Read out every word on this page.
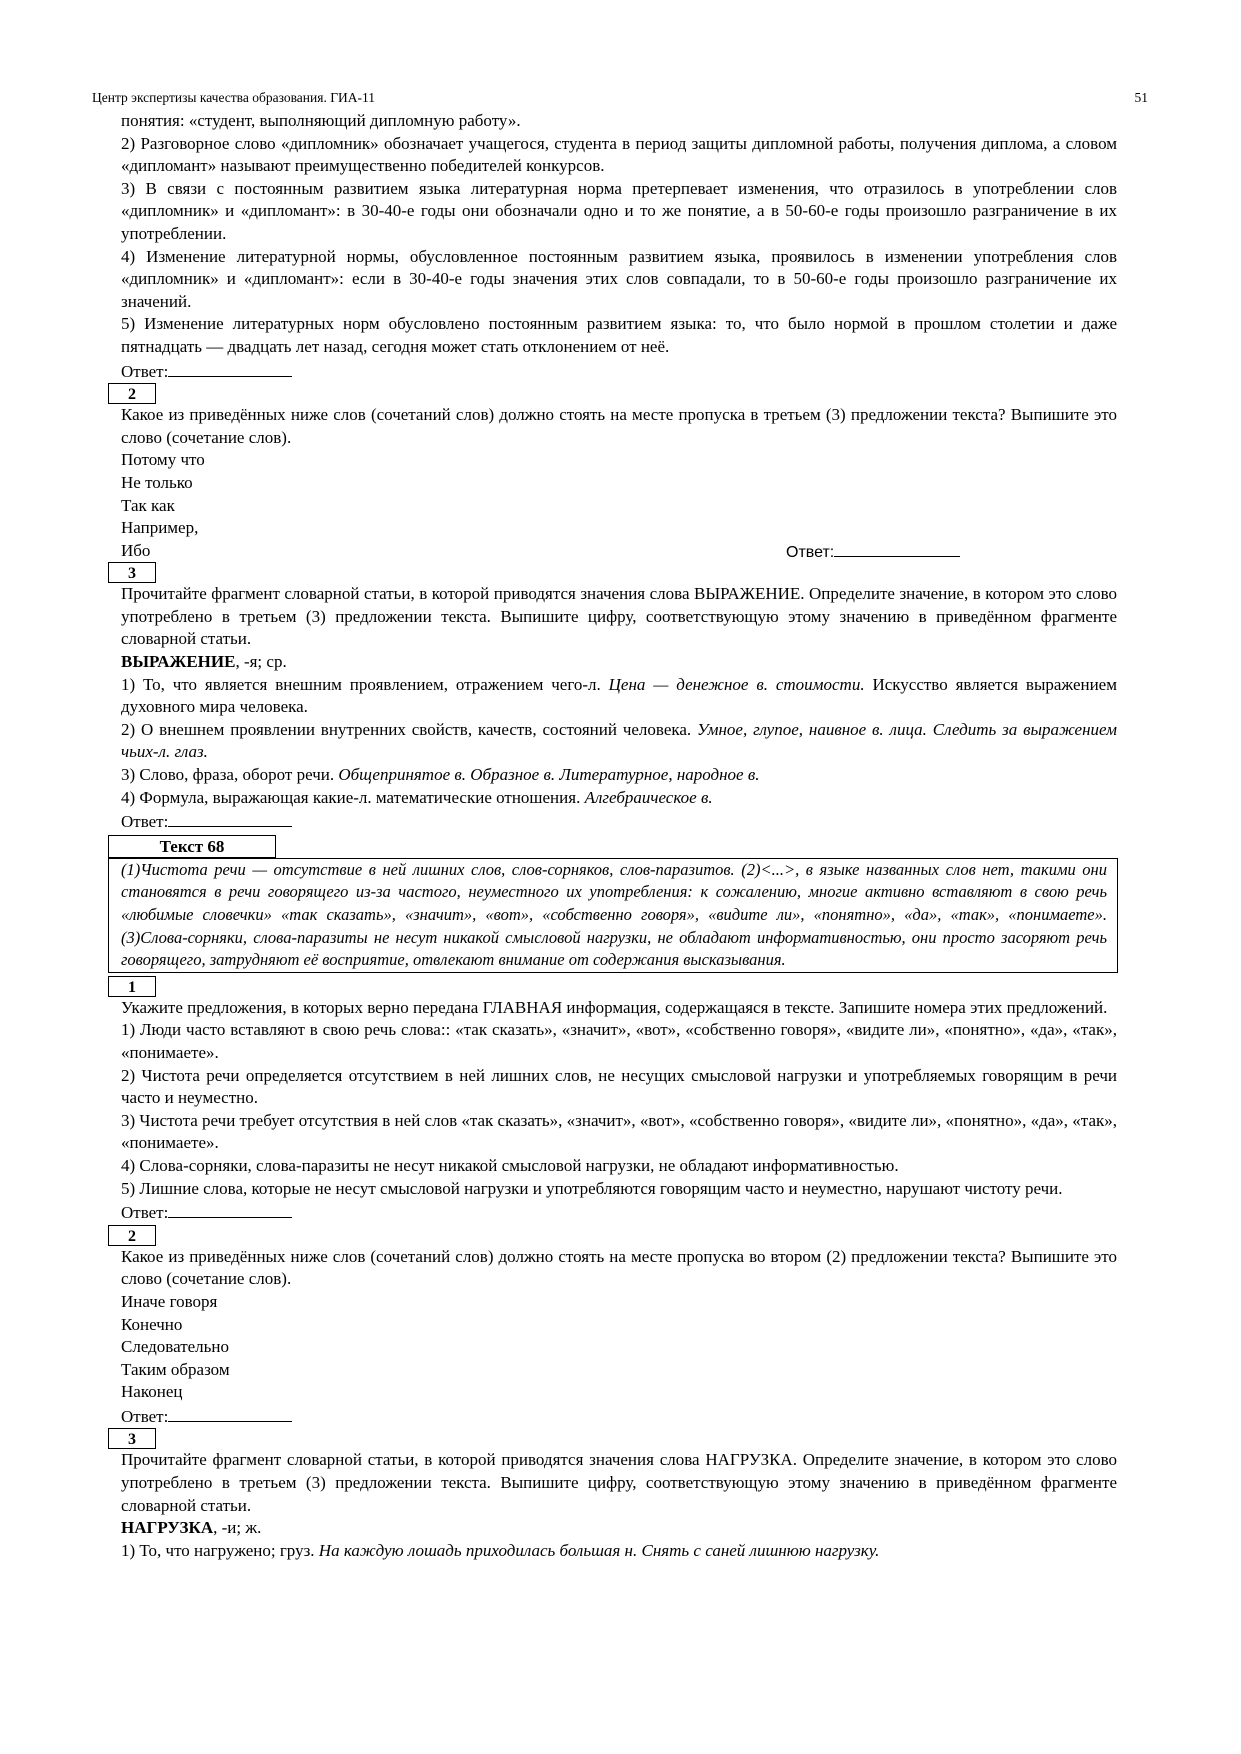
Центр экспертизы качества образования. ГИА-11	51

понятия: «студент, выполняющий дипломную работу».

2) Разговорное слово «дипломник» обозначает учащегося, студента в период защиты дипломной работы, получения диплома, а словом «дипломант» называют преимущественно победителей конкурсов.

3) В связи с постоянным развитием языка литературная норма претерпевает изменения, что отразилось в употреблении слов «дипломник» и «дипломант»: в 30-40-е годы они обозначали одно и то же понятие, а в 50-60-е годы произошло разграничение в их употреблении.

4) Изменение литературной нормы, обусловленное постоянным развитием языка, проявилось в изменении употребления слов «дипломник» и «дипломант»: если в 30-40-е годы значения этих слов совпадали, то в 50-60-е годы произошло разграничение их значений.

5) Изменение литературных норм обусловлено постоянным развитием языка: то, что было нормой в прошлом столетии и даже пятнадцать — двадцать лет назад, сегодня может стать отклонением от неё.

Ответ:

2

Какое из приведённых ниже слов (сочетаний слов) должно стоять на месте пропуска в третьем (3) предложении текста? Выпишите это слово (сочетание слов).

Потому что

Не только

Так как

Например,

Ибо	Ответ:
3

Прочитайте фрагмент словарной статьи, в которой приводятся значения слова ВЫРАЖЕНИЕ. Определите значение, в котором это слово употреблено в третьем (3) предложении текста. Выпишите цифру, соответствующую этому значению в приведённом фрагменте словарной статьи.

ВЫРАЖЕНИЕ, -я; ср.

1) То, что является внешним проявлением, отражением чего-л. Цена — денежное в. стоимости. Искусство является выражением духовного мира человека.

2) О внешнем проявлении внутренних свойств, качеств, состояний человека. Умное, глупое, наивное в. лица. Следить за выражением чьих-л. глаз.

3) Слово, фраза, оборот речи. Общепринятое в. Образное в. Литературное, народное в.

4) Формула, выражающая какие-л. математические отношения. Алгебраическое в.

Ответ:

Текст 68
(1)Чистота речи — отсутствие в ней лишних слов, слов-сорняков, слов-паразитов. (2)<...>, в языке названных слов нет, такими они становятся в речи говорящего из-за частого, неуместного их употребления: к сожалению, многие активно вставляют в свою речь «любимые словечки» «так сказать», «значит», «вот», «собственно говоря», «видите ли», «понятно», «да», «так», «понимаете». (3)Слова-сорняки, слова-паразиты не несут никакой смысловой нагрузки, не обладают информативностью, они просто засоряют речь говорящего, затрудняют её восприятие, отвлекают внимание от содержания высказывания.
1

Укажите предложения, в которых верно передана ГЛАВНАЯ информация, содержащаяся в тексте. Запишите номера этих предложений.

1) Люди часто вставляют в свою речь слова:: «так сказать», «значит», «вот», «собственно говоря», «видите ли», «понятно», «да», «так», «понимаете».

2) Чистота речи определяется отсутствием в ней лишних слов, не несущих смысловой нагрузки и употребляемых говорящим в речи часто и неуместно.

3) Чистота речи требует отсутствия в ней слов «так сказать», «значит», «вот», «собственно говоря», «видите ли», «понятно», «да», «так», «понимаете».

4) Слова-сорняки, слова-паразиты не несут никакой смысловой нагрузки, не обладают информативностью.

5) Лишние слова, которые не несут смысловой нагрузки и употребляются говорящим часто и неуместно, нарушают чистоту речи.

Ответ:

2

Какое из приведённых ниже слов (сочетаний слов) должно стоять на месте пропуска во втором (2) предложении текста? Выпишите это слово (сочетание слов).

Иначе говоря

Конечно

Следовательно

Таким образом

Наконец

Ответ:

3

Прочитайте фрагмент словарной статьи, в которой приводятся значения слова НАГРУЗКА. Определите значение, в котором это слово употреблено в третьем (3) предложении текста. Выпишите цифру, соответствующую этому значению в приведённом фрагменте словарной статьи.

НАГРУЗКА, -и; ж.

1) То, что нагружено; груз. На каждую лошадь приходилась большая н. Снять с саней лишнюю нагрузку.
